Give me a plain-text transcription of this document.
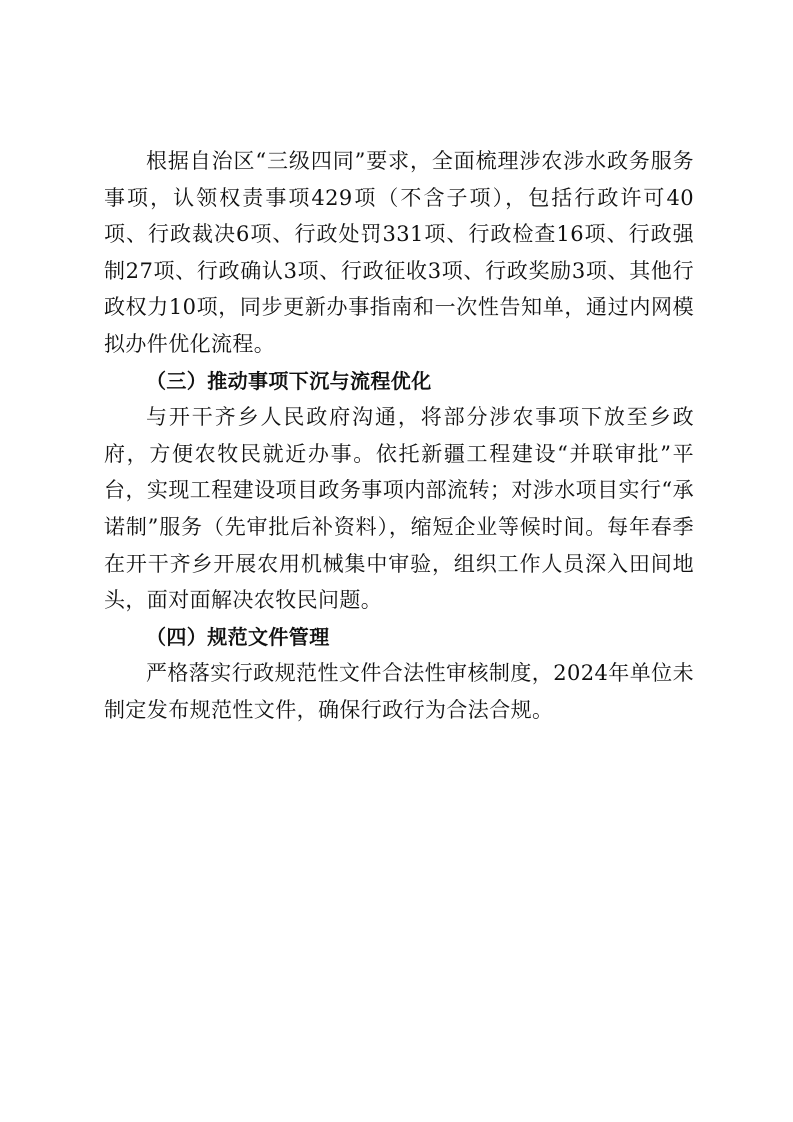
根据自治区“三级四同”要求，全面梳理涉农涉水政务服务事项，认领权责事项429项（不含子项），包括行政许可40项、行政裁决6项、行政处罚331项、行政检查16项、行政强制27项、行政确认3项、行政征收3项、行政奖励3项、其他行政权力10项，同步更新办事指南和一次性告知单，通过内网模拟办件优化流程。

（三）推动事项下沉与流程优化

与开干齐乡人民政府沟通，将部分涉农事项下放至乡政府，方便农牧民就近办事。依托新疆工程建设“并联审批”平台，实现工程建设项目政务事项内部流转；对涉水项目实行“承诺制”服务（先审批后补资料），缩短企业等候时间。每年春季在开干齐乡开展农用机械集中审验，组织工作人员深入田间地头，面对面解决农牧民问题。

（四）规范文件管理

严格落实行政规范性文件合法性审核制度，2024年单位未制定发布规范性文件，确保行政行为合法合规。
